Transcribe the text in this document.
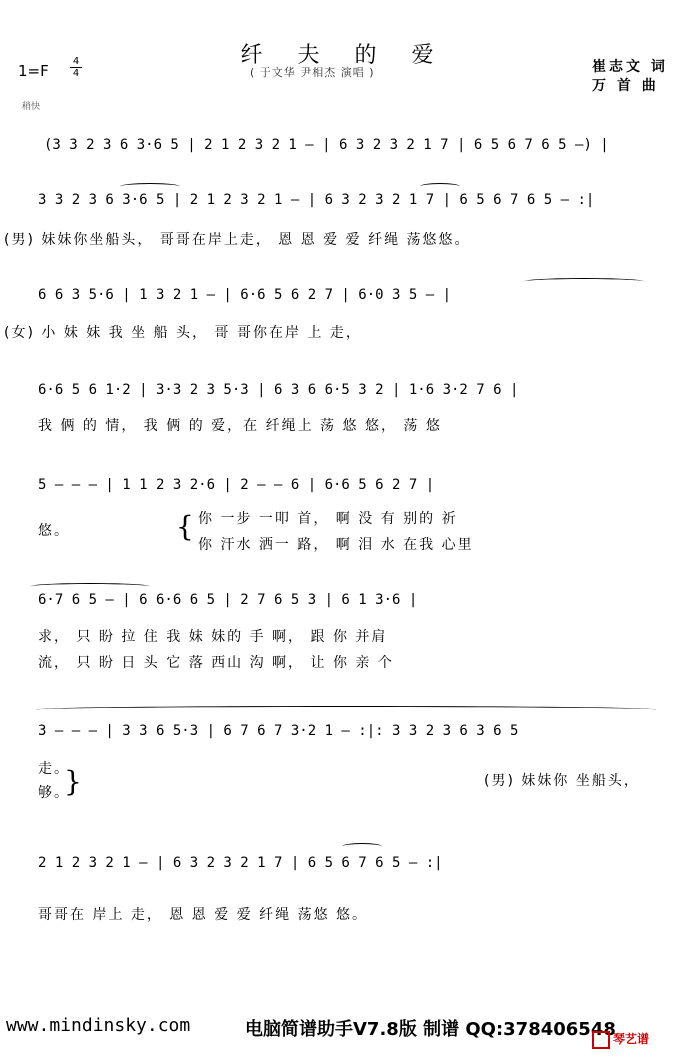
纤 夫 的 爱
( 于文华 尹相杰 演唱 )
1=F
4
4	崔志文 词
万 首 曲
稍快
(3 3 2 3 6 3·6 5 | 2 1 2 3 2 1 — | 6 3 2 3 2 1 7 | 6 5 6 7 6 5 —) |
3 3 2 3 6 3·6 5 | 2 1 2 3 2 1 — | 6 3 2 3 2 1 7 | 6 5 6 7 6 5 — :|
(男) 妹妹你坐船头， 哥哥在岸上走， 恩 恩 爱 爱 纤绳 荡悠悠。
6 6 3 5·6 | 1 3 2 1 — | 6·6 5 6 2 7 | 6·0 3 5 — |
(女) 小 妹 妹 我 坐 船 头， 哥 哥你在岸 上 走，
6·6 5 6 1·2 | 3·3 2 3 5·3 | 6 3 6 6·5 3 2 | 1·6 3·2 7 6 |
我 俩 的 情， 我 俩 的 爱，在 纤绳上 荡 悠 悠， 荡 悠
5 — — — | 1 1 2 3 2·6 | 2 — — 6 | 6·6 5 6 2 7 |
悠。	{ 你 一步 一叩 首， 啊 没 有 别的 祈
你 汗水 洒一 路， 啊 泪 水 在我 心里
6·7 6 5 — | 6 6·6 6 5 | 2 7 6 5 3 | 6 1 3·6 |
求， 只 盼 拉 住 我 妹 妹的 手 啊， 跟 你 并肩
流， 只 盼 日 头 它 落 西山 沟 啊， 让 你 亲 个
3 — — — | 3 3 6 5·3 | 6 7 6 7 3·2 1 — :|: 3 3 2 3 6 3 6 5
走。
够。
}	(男) 妹妹你 坐船头，
2 1 2 3 2 1 — | 6 3 2 3 2 1 7 | 6 5 6 7 6 5 — :|
哥哥在 岸上 走， 恩 恩 爱 爱 纤绳 荡悠 悠。
www.mindinsky.com	电脑简谱助手V7.8版 制谱 QQ:378406548
琴艺谱
